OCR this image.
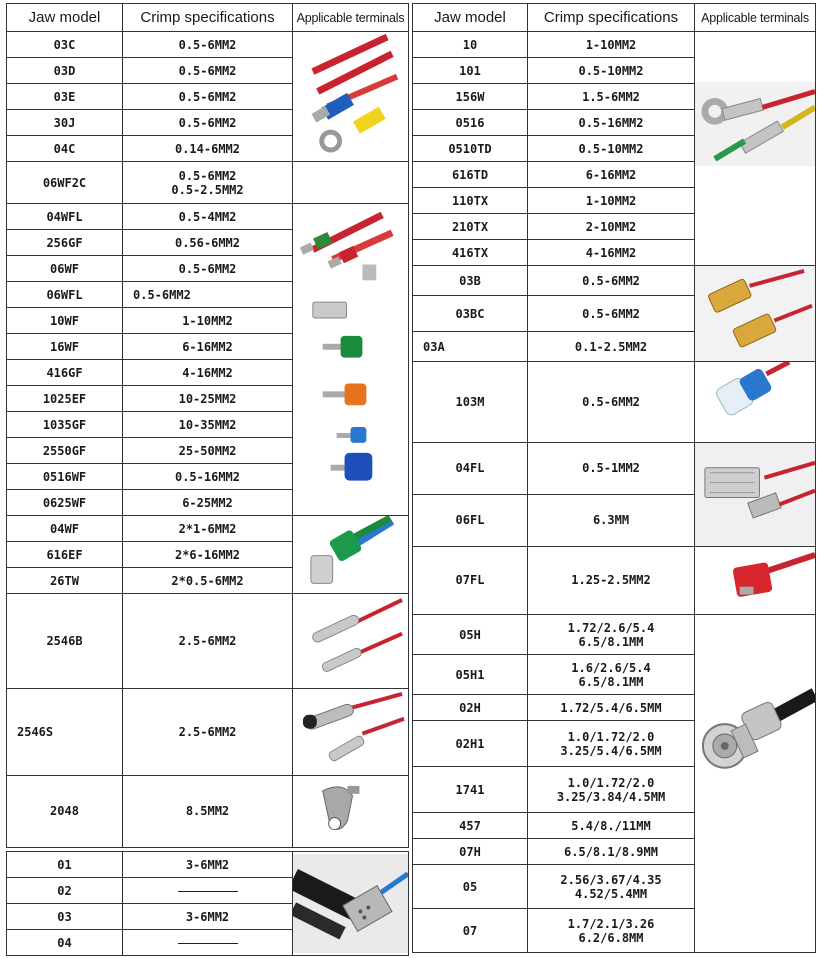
Jaw model	Crimp specifications	Applicable terminals
03C	0.5-6MM2	

03D	0.5-6MM2	
03E	0.5-6MM2	
30J	0.5-6MM2	
04C	0.14-6MM2	
06WF2C	0.5-6MM2
0.5-2.5MM2	
04WFL	0.5-4MM2	

256GF	0.56-6MM2	
06WF	0.5-6MM2	
06WFL	0.5-6MM2	
10WF	1-10MM2	
16WF	6-16MM2	
416GF	4-16MM2	
1025EF	10-25MM2	
1035GF	10-35MM2	
2550GF	25-50MM2	
0516WF	0.5-16MM2	
0625WF	6-25MM2	
04WF	2*1-6MM2	

616EF	2*6-16MM2	
26TW	2*0.5-6MM2	
2546B	2.5-6MM2	

2546S	2.5-6MM2	

2048	8.5MM2	

01	3-6MM2	

02		
03	3-6MM2	
04		
Jaw model	Crimp specifications	Applicable terminals
10	1-10MM2	

101	0.5-10MM2	
156W	1.5-6MM2	
0516	0.5-16MM2	
0510TD	0.5-10MM2	
616TD	6-16MM2	
110TX	1-10MM2	
210TX	2-10MM2	
416TX	4-16MM2	
03B	0.5-6MM2	

03BC	0.5-6MM2	
03A	0.1-2.5MM2	
103M	0.5-6MM2	

04FL	0.5-1MM2	

06FL	6.3MM	
07FL	1.25-2.5MM2	

05H	1.72/2.6/5.4
6.5/8.1MM	

05H1	1.6/2.6/5.4
6.5/8.1MM	
02H	1.72/5.4/6.5MM	
02H1	1.0/1.72/2.0
3.25/5.4/6.5MM	
1741	1.0/1.72/2.0
3.25/3.84/4.5MM	
457	5.4/8./11MM	
07H	6.5/8.1/8.9MM	
05	2.56/3.67/4.35
4.52/5.4MM	
07	1.7/2.1/3.26
6.2/6.8MM	
